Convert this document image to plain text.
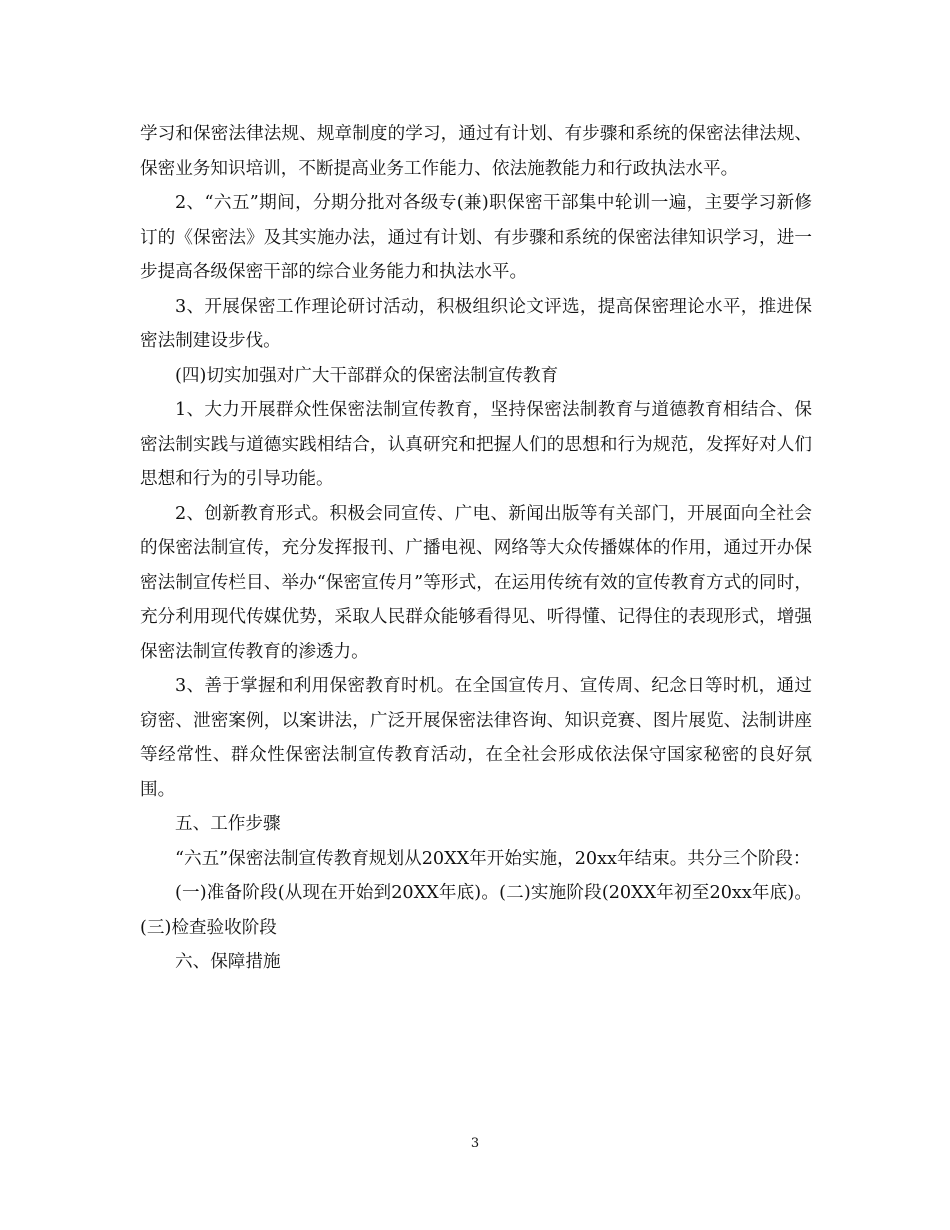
学习和保密法律法规、规章制度的学习，通过有计划、有步骤和系统的保密法律法规、保密业务知识培训，不断提高业务工作能力、依法施教能力和行政执法水平。

2、“六五”期间，分期分批对各级专(兼)职保密干部集中轮训一遍，主要学习新修订的《保密法》及其实施办法，通过有计划、有步骤和系统的保密法律知识学习，进一步提高各级保密干部的综合业务能力和执法水平。

3、开展保密工作理论研讨活动，积极组织论文评选，提高保密理论水平，推进保密法制建设步伐。

(四)切实加强对广大干部群众的保密法制宣传教育

1、大力开展群众性保密法制宣传教育，坚持保密法制教育与道德教育相结合、保密法制实践与道德实践相结合，认真研究和把握人们的思想和行为规范，发挥好对人们思想和行为的引导功能。

2、创新教育形式。积极会同宣传、广电、新闻出版等有关部门，开展面向全社会的保密法制宣传，充分发挥报刊、广播电视、网络等大众传播媒体的作用，通过开办保密法制宣传栏目、举办“保密宣传月”等形式，在运用传统有效的宣传教育方式的同时，充分利用现代传媒优势，采取人民群众能够看得见、听得懂、记得住的表现形式，增强保密法制宣传教育的渗透力。

3、善于掌握和利用保密教育时机。在全国宣传月、宣传周、纪念日等时机，通过窃密、泄密案例，以案讲法，广泛开展保密法律咨询、知识竞赛、图片展览、法制讲座等经常性、群众性保密法制宣传教育活动，在全社会形成依法保守国家秘密的良好氛围。

五、工作步骤

“六五”保密法制宣传教育规划从20XX年开始实施，20xx年结束。共分三个阶段：

(一)准备阶段(从现在开始到20XX年底)。(二)实施阶段(20XX年初至20xx年底)。(三)检查验收阶段

六、保障措施

3
